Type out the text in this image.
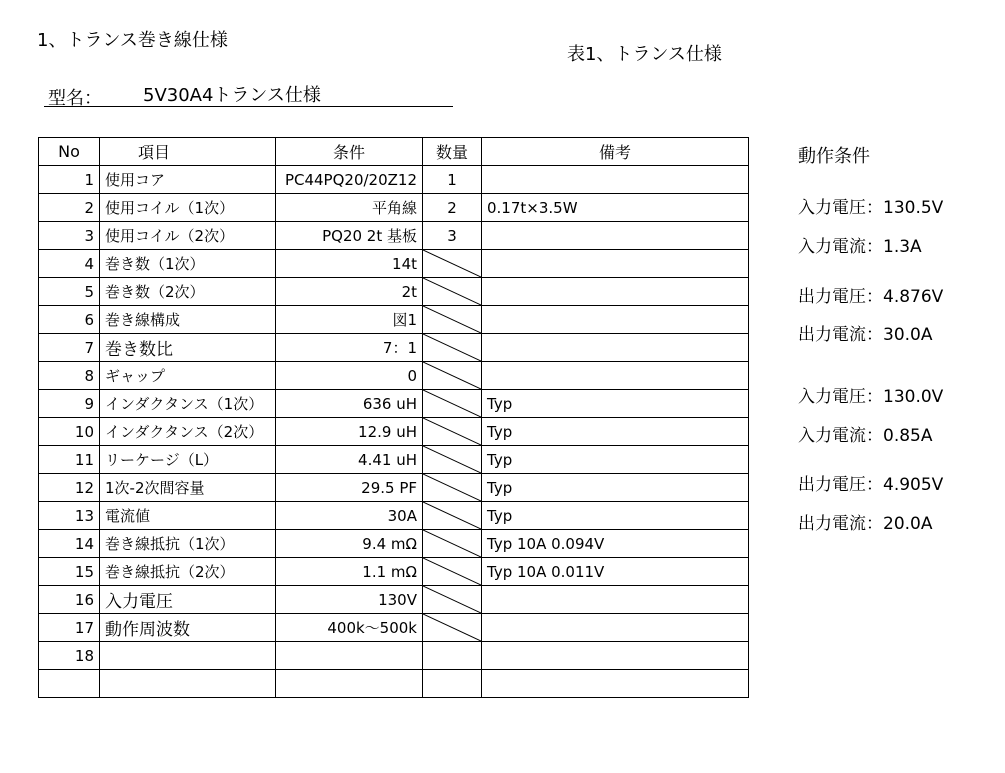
1、トランス巻き線仕様
表1、トランス仕様
型名： 5V30A4トランス仕様
No	項目	条件	数量	備考
1	使用コア	PC44PQ20/20Z12	1	
2	使用コイル（1次）	平角線	2	0.17t×3.5W
3	使用コイル（2次）	PQ20 2t 基板	3	
4	巻き数（1次）	14t	

5	巻き数（2次）	2t	

6	巻き線構成	図1	

7	巻き数比	7：1	

8	ギャップ	0	

9	インダクタンス（1次）	636 uH		Typ
10	インダクタンス（2次）	12.9 uH		Typ
11	リーケージ（L）	4.41 uH		Typ
12	1次-2次間容量	29.5 PF		Typ
13	電流値	30A		Typ
14	巻き線抵抗（1次）	9.4 mΩ		Typ 10A 0.094V
15	巻き線抵抗（2次）	1.1 mΩ		Typ 10A 0.011V
16	入力電圧	130V	

17	動作周波数	400k～500k	

18				

動作条件
入力電圧：130.5V
入力電流：1.3A
出力電圧：4.876V
出力電流：30.0A
入力電圧：130.0V
入力電流：0.85A
出力電圧：4.905V
出力電流：20.0A
